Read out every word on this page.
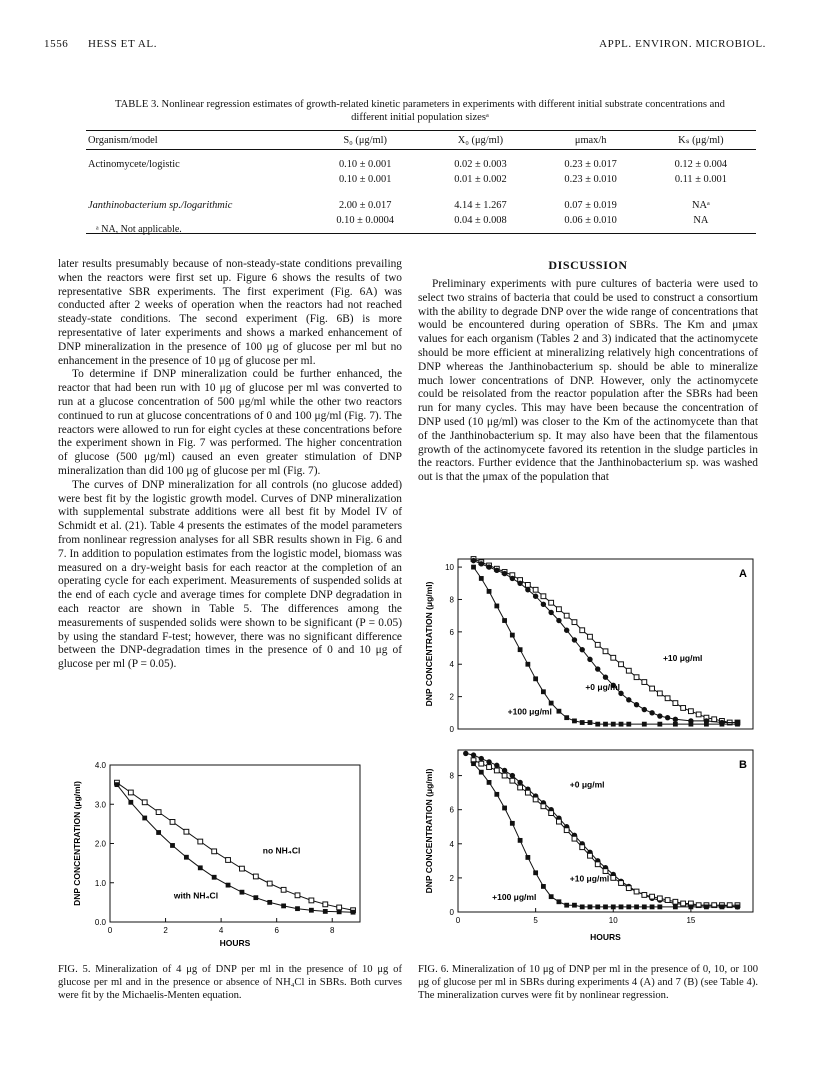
1556 HESS ET AL.	APPL. ENVIRON. MICROBIOL.
TABLE 3. Nonlinear regression estimates of growth-related kinetic parameters in experiments with different initial substrate concentrations and different initial population sizesᵃ
Organism/model	S₀ (μg/ml)	X₀ (μg/ml)	μmax/h	Kₛ (μg/ml)
Actinomycete/logistic	0.10 ± 0.001	0.02 ± 0.003	0.23 ± 0.017	0.12 ± 0.004
	0.10 ± 0.001	0.01 ± 0.002	0.23 ± 0.010	0.11 ± 0.001
Janthinobacterium sp./logarithmic	2.00 ± 0.017	4.14 ± 1.267	0.07 ± 0.019	NAᵃ
	0.10 ± 0.0004	0.04 ± 0.008	0.06 ± 0.010	NA
ᵃ NA, Not applicable.

later results presumably because of non-steady-state conditions prevailing when the reactors were first set up. Figure 6 shows the results of two representative SBR experiments. The first experiment (Fig. 6A) was conducted after 2 weeks of operation when the reactors had not reached steady-state conditions. The second experiment (Fig. 6B) is more representative of later experiments and shows a marked enhancement of DNP mineralization in the presence of 100 μg of glucose per ml but no enhancement in the presence of 10 μg of glucose per ml.

To determine if DNP mineralization could be further enhanced, the reactor that had been run with 10 μg of glucose per ml was converted to run at a glucose concentration of 500 μg/ml while the other two reactors continued to run at glucose concentrations of 0 and 100 μg/ml (Fig. 7). The reactors were allowed to run for eight cycles at these concentrations before the experiment shown in Fig. 7 was performed. The higher concentration of glucose (500 μg/ml) caused an even greater stimulation of DNP mineralization than did 100 μg of glucose per ml (Fig. 7).

The curves of DNP mineralization for all controls (no glucose added) were best fit by the logistic growth model. Curves of DNP mineralization with supplemental substrate additions were all best fit by Model IV of Schmidt et al. (21). Table 4 presents the estimates of the model parameters from nonlinear regression analyses for all SBR results shown in Fig. 6 and 7. In addition to population estimates from the logistic model, biomass was measured on a dry-weight basis for each reactor at the completion of an operating cycle for each experiment. Measurements of suspended solids at the end of each cycle and average times for complete DNP degradation in each reactor are shown in Table 5. The differences among the measurements of suspended solids were shown to be significant (P = 0.05) by using the standard F-test; however, there was no significant difference between the DNP-degradation times in the presence of 0 and 10 μg of glucose per ml (P = 0.05).

DISCUSSION

Preliminary experiments with pure cultures of bacteria were used to select two strains of bacteria that could be used to construct a consortium with the ability to degrade DNP over the wide range of concentrations that would be encountered during operation of SBRs. The Km and μmax values for each organism (Tables 2 and 3) indicated that the actinomycete should be more efficient at mineralizing relatively high concentrations of DNP whereas the Janthinobacterium sp. should be able to mineralize much lower concentrations of DNP. However, only the actinomycete could be reisolated from the reactor population after the SBRs had been run for many cycles. This may have been because the concentration of DNP used (10 μg/ml) was closer to the Km of the actinomycete than that of the Janthinobacterium sp. It may also have been that the filamentous growth of the actinomycete favored its retention in the sludge particles in the reactors. Further evidence that the Janthinobacterium sp. was washed out is that the μmax of the population that

0.0
1.0
2.0
3.0
4.0
0	2	4	6	8
HOURS
DNP CONCENTRATION (μg/ml)	no NH₄Cl
with NH₄Cl
FIG. 5. Mineralization of 4 μg of DNP per ml in the presence of 10 μg of glucose per ml and in the presence or absence of NH₄Cl in SBRs. Both curves were fit by the Michaelis-Menten equation.
0
2
4
6
8
10
DNP CONCENTRATION (μg/ml)	+10 μg/ml
+0 μg/ml
+100 μg/ml
A
0
2
4
6
8
0	5	10	15
HOURS
DNP CONCENTRATION (μg/ml)	+0 μg/ml
+10 μg/ml
+100 μg/ml
B
FIG. 6. Mineralization of 10 μg of DNP per ml in the presence of 0, 10, or 100 μg of glucose per ml in SBRs during experiments 4 (A) and 7 (B) (see Table 4). The mineralization curves were fit by nonlinear regression.
